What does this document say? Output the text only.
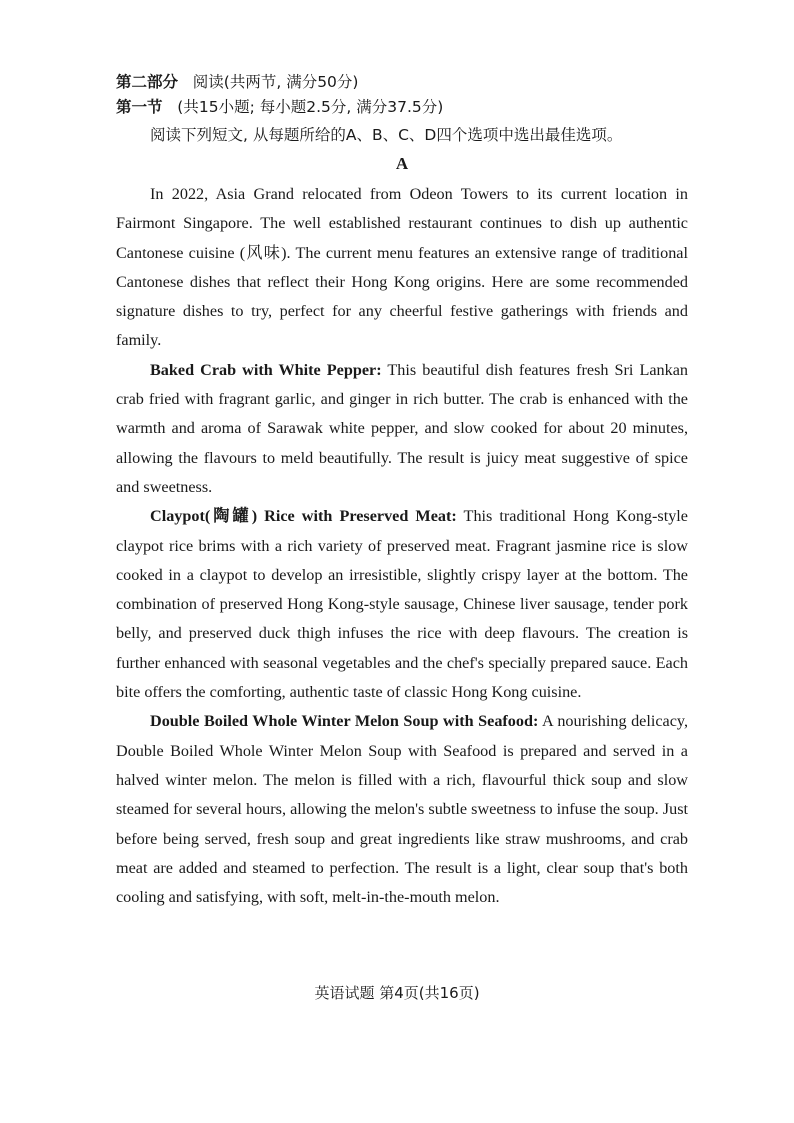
第二部分 阅读(共两节, 满分50分)
第一节 (共15小题; 每小题2.5分, 满分37.5分)
阅读下列短文, 从每题所给的A、B、C、D四个选项中选出最佳选项。
A

In 2022, Asia Grand relocated from Odeon Towers to its current location in Fairmont Singapore. The well established restaurant continues to dish up authentic Cantonese cuisine (风味). The current menu features an extensive range of traditional Cantonese dishes that reflect their Hong Kong origins. Here are some recommended signature dishes to try, perfect for any cheerful festive gatherings with friends and family.

Baked Crab with White Pepper: This beautiful dish features fresh Sri Lankan crab fried with fragrant garlic, and ginger in rich butter. The crab is enhanced with the warmth and aroma of Sarawak white pepper, and slow cooked for about 20 minutes, allowing the flavours to meld beautifully. The result is juicy meat suggestive of spice and sweetness.

Claypot(陶罐) Rice with Preserved Meat: This traditional Hong Kong-style claypot rice brims with a rich variety of preserved meat. Fragrant jasmine rice is slow cooked in a claypot to develop an irresistible, slightly crispy layer at the bottom. The combination of preserved Hong Kong-style sausage, Chinese liver sausage, tender pork belly, and preserved duck thigh infuses the rice with deep flavours. The creation is further enhanced with seasonal vegetables and the chef's specially prepared sauce. Each bite offers the comforting, authentic taste of classic Hong Kong cuisine.

Double Boiled Whole Winter Melon Soup with Seafood: A nourishing delicacy, Double Boiled Whole Winter Melon Soup with Seafood is prepared and served in a halved winter melon. The melon is filled with a rich, flavourful thick soup and slow steamed for several hours, allowing the melon's subtle sweetness to infuse the soup. Just before being served, fresh soup and great ingredients like straw mushrooms, and crab meat are added and steamed to perfection. The result is a light, clear soup that's both cooling and satisfying, with soft, melt-in-the-mouth melon.

英语试题 第4页(共16页)
